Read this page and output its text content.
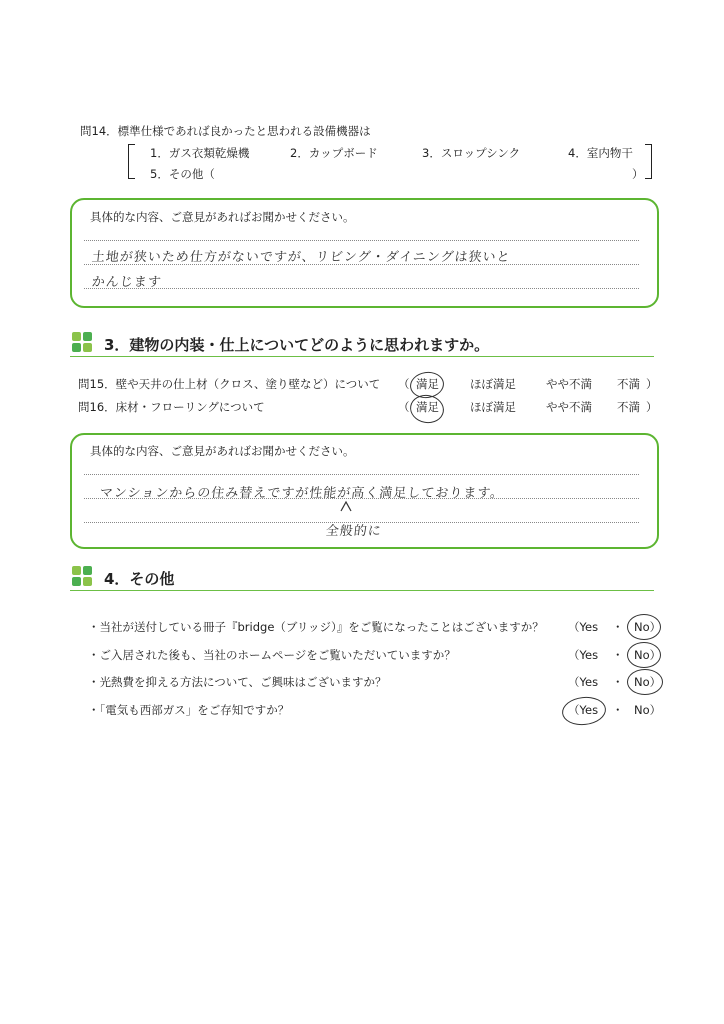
問14．標準仕様であれば良かったと思われる設備機器は
1．ガス衣類乾燥機	2．カップボード	3．スロップシンク	4．室内物干
5．その他（	）
具体的な内容、ご意見があればお聞かせください。
土地が狭いため仕方がないですが、リビング・ダイニングは狭いと
かんじます
3．建物の内装・仕上についてどのように思われますか。
問15．壁や天井の仕上材（クロス、塗り壁など）について （ 満足	ほぼ満足	やや不満 不満 ）
問16．床材・フローリングについて	（ 満足	ほぼ満足	やや不満 不満 ）
具体的な内容、ご意見があればお聞かせください。
マンションからの住み替えですが性能が高く満足しております。
全般的に
4．その他
・当社が送付している冊子『bridge（ブリッジ）』をご覧になったことはございますか？ （Yes ・ No）
・ご入居された後も、当社のホームページをご覧いただいていますか？	（Yes ・ No）
・光熱費を抑える方法について、ご興味はございますか？	（Yes ・ No）
・「電気も西部ガス」をご存知ですか？	（Yes ・ No）
